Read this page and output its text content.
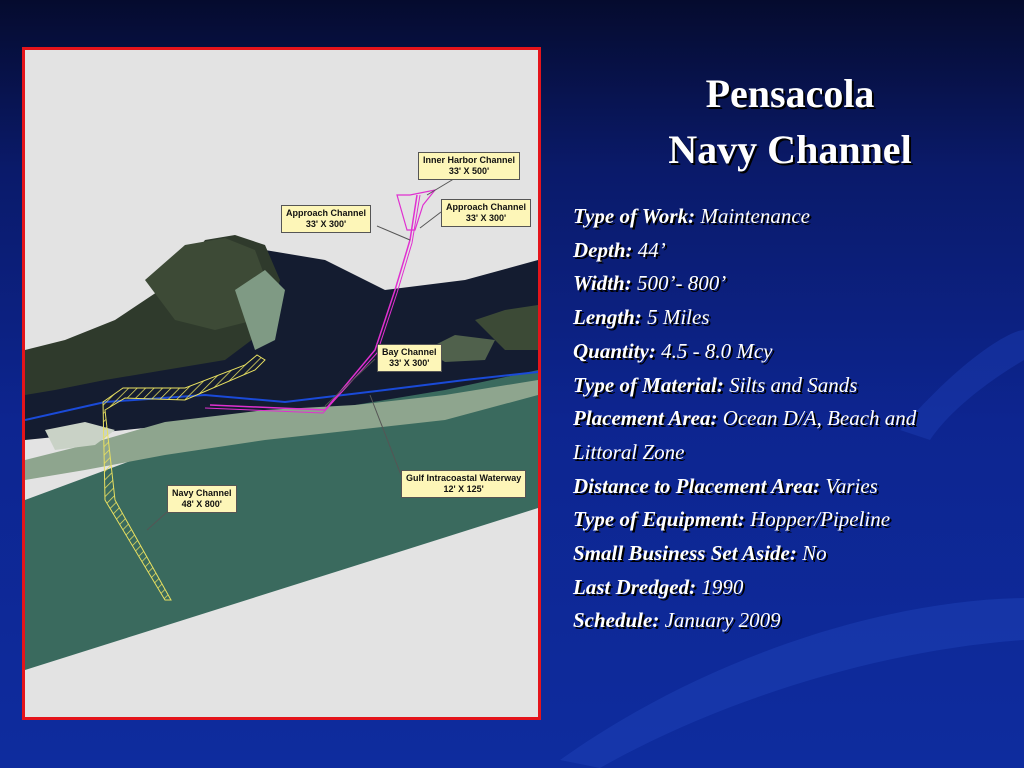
Inner Harbor Channel
33' X 500'
Approach Channel
33' X 300'
Approach Channel
33' X 300'
Bay Channel
33' X 300'
Gulf Intracoastal Waterway
12' X 125'
Navy Channel
48' X 800'
Pensacola
Navy Channel
Type of Work: Maintenance
Depth: 44’
Width: 500’- 800’
Length: 5 Miles
Quantity: 4.5 - 8.0 Mcy
Type of Material: Silts and Sands
Placement Area: Ocean D/A, Beach and
Littoral Zone
Distance to Placement Area: Varies
Type of Equipment: Hopper/Pipeline
Small Business Set Aside: No
Last Dredged: 1990
Schedule: January 2009
